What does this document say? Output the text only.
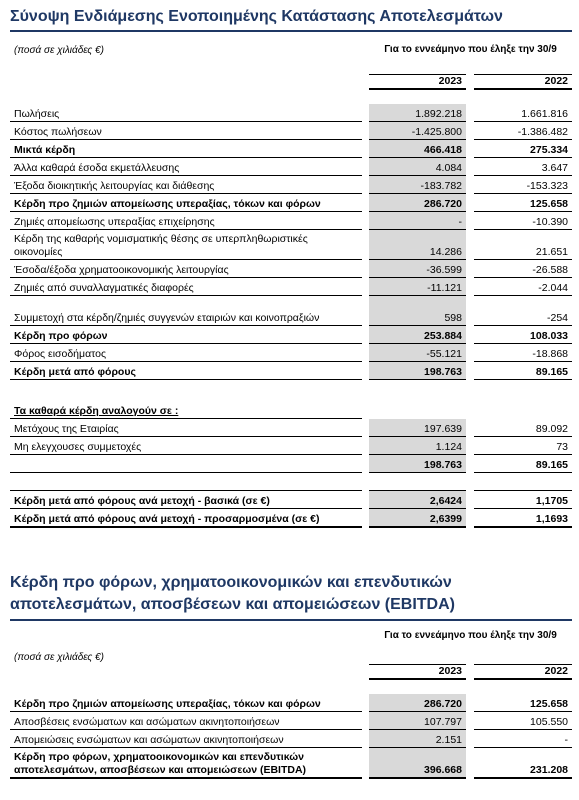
Σύνοψη Ενδιάμεσης Ενοποιημένης Κατάστασης Αποτελεσμάτων
(ποσά σε χιλιάδες €)		Για το εννεάμηνο που έληξε την 30/9		
		2023		2022

Πωλήσεις		1.892.218		1.661.816
Κόστος πωλήσεων		-1.425.800		-1.386.482
Μικτά κέρδη		466.418		275.334
Άλλα καθαρά έσοδα εκμετάλλευσης		4.084		3.647
Έξοδα διοικητικής λειτουργίας και διάθεσης		-183.782		-153.323
Κέρδη προ ζημιών απομείωσης υπεραξίας, τόκων και φόρων		286.720		125.658
Ζημιές απομείωσης υπεραξίας επιχείρησης		-		-10.390
Κέρδη της καθαρής νομισματικής θέσης σε υπερπληθωριστικές οικονομίες		14.286		21.651
Έσοδα/έξοδα χρηματοοικονομικής λειτουργίας		-36.599		-26.588
Ζημιές από συναλλαγματικές διαφορές		-11.121		-2.044
Συμμετοχή στα κέρδη/ζημιές συγγενών εταιριών και κοινοπραξιών		598		-254
Κέρδη προ φόρων		253.884		108.033
Φόρος εισοδήματος		-55.121		-18.868
Κέρδη μετά από φόρους		198.763		89.165

Τα καθαρά κέρδη αναλογούν σε :				
Μετόχους της Εταιρίας		197.639		89.092
Μη ελεγχουσες συμμετοχές		1.124		73
		198.763		89.165

Κέρδη μετά από φόρους ανά μετοχή - βασικά (σε €)		2,6424		1,1705
Κέρδη μετά από φόρους ανά μετοχή - προσαρμοσμένα (σε €)		2,6399		1,1693
Κέρδη προ φόρων, χρηματοοικονομικών και επενδυτικών αποτελεσμάτων, αποσβέσεων και απομειώσεων (EBITDA)
(ποσά σε χιλιάδες €)		Για το εννεάμηνο που έληξε την 30/9		
		2023		2022

Κέρδη προ ζημιών απομείωσης υπεραξίας, τόκων και φόρων		286.720		125.658
Αποσβέσεις ενσώματων και ασώματων ακινητοποιήσεων		107.797		105.550
Απομειώσεις ενσώματων και ασώματων ακινητοποιήσεων		2.151		-
Κέρδη προ φόρων, χρηματοοικονομικών και επενδυτικών αποτελεσμάτων, αποσβέσεων και απομειώσεων (EBITDA)		396.668		231.208
